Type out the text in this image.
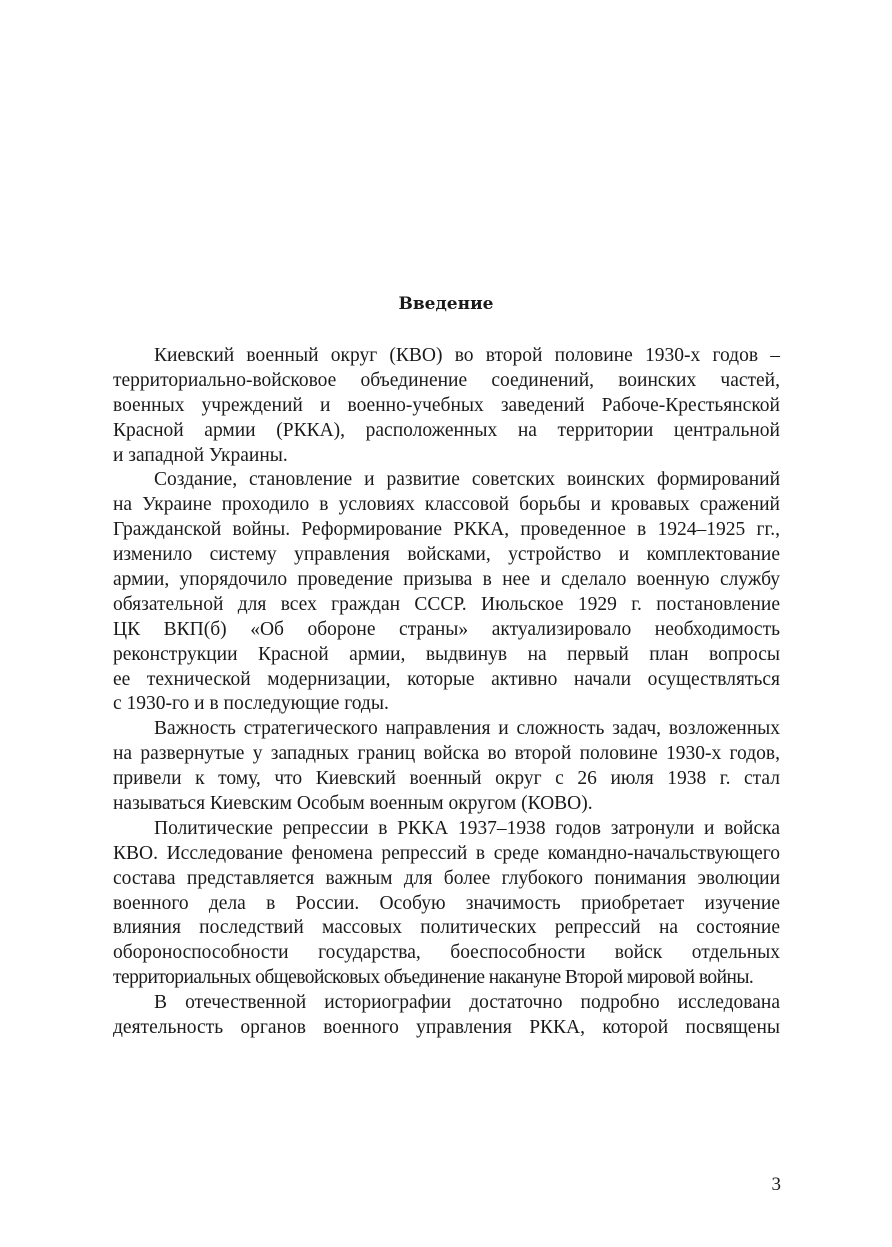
Введение
Киевский военный округ (КВО) во второй половине 1930-х годов –
территориально-войсковое объединение соединений, воинских частей,
военных учреждений и военно-учебных заведений Рабоче-Крестьянской
Красной армии (РККА), расположенных на территории центральной
и западной Украины.
Создание, становление и развитие советских воинских формирований
на Украине проходило в условиях классовой борьбы и кровавых сражений
Гражданской войны. Реформирование РККА, проведенное в 1924–1925 гг.,
изменило систему управления войсками, устройство и комплектование
армии, упорядочило проведение призыва в нее и сделало военную службу
обязательной для всех граждан СССР. Июльское 1929 г. постановление
ЦК ВКП(б) «Об обороне страны» актуализировало необходимость
реконструкции Красной армии, выдвинув на первый план вопросы
ее технической модернизации, которые активно начали осуществляться
с 1930-го и в последующие годы.
Важность стратегического направления и сложность задач, возложенных
на развернутые у западных границ войска во второй половине 1930-х годов,
привели к тому, что Киевский военный округ с 26 июля 1938 г. стал
называться Киевским Особым военным округом (КОВО).
Политические репрессии в РККА 1937–1938 годов затронули и войска
КВО. Исследование феномена репрессий в среде командно-начальствующего
состава представляется важным для более глубокого понимания эволюции
военного дела в России. Особую значимость приобретает изучение
влияния последствий массовых политических репрессий на состояние
обороноспособности государства, боеспособности войск отдельных
территориальных общевойсковых объединение накануне Второй мировой войны.
В отечественной историографии достаточно подробно исследована
деятельность органов военного управления РККА, которой посвящены
3
